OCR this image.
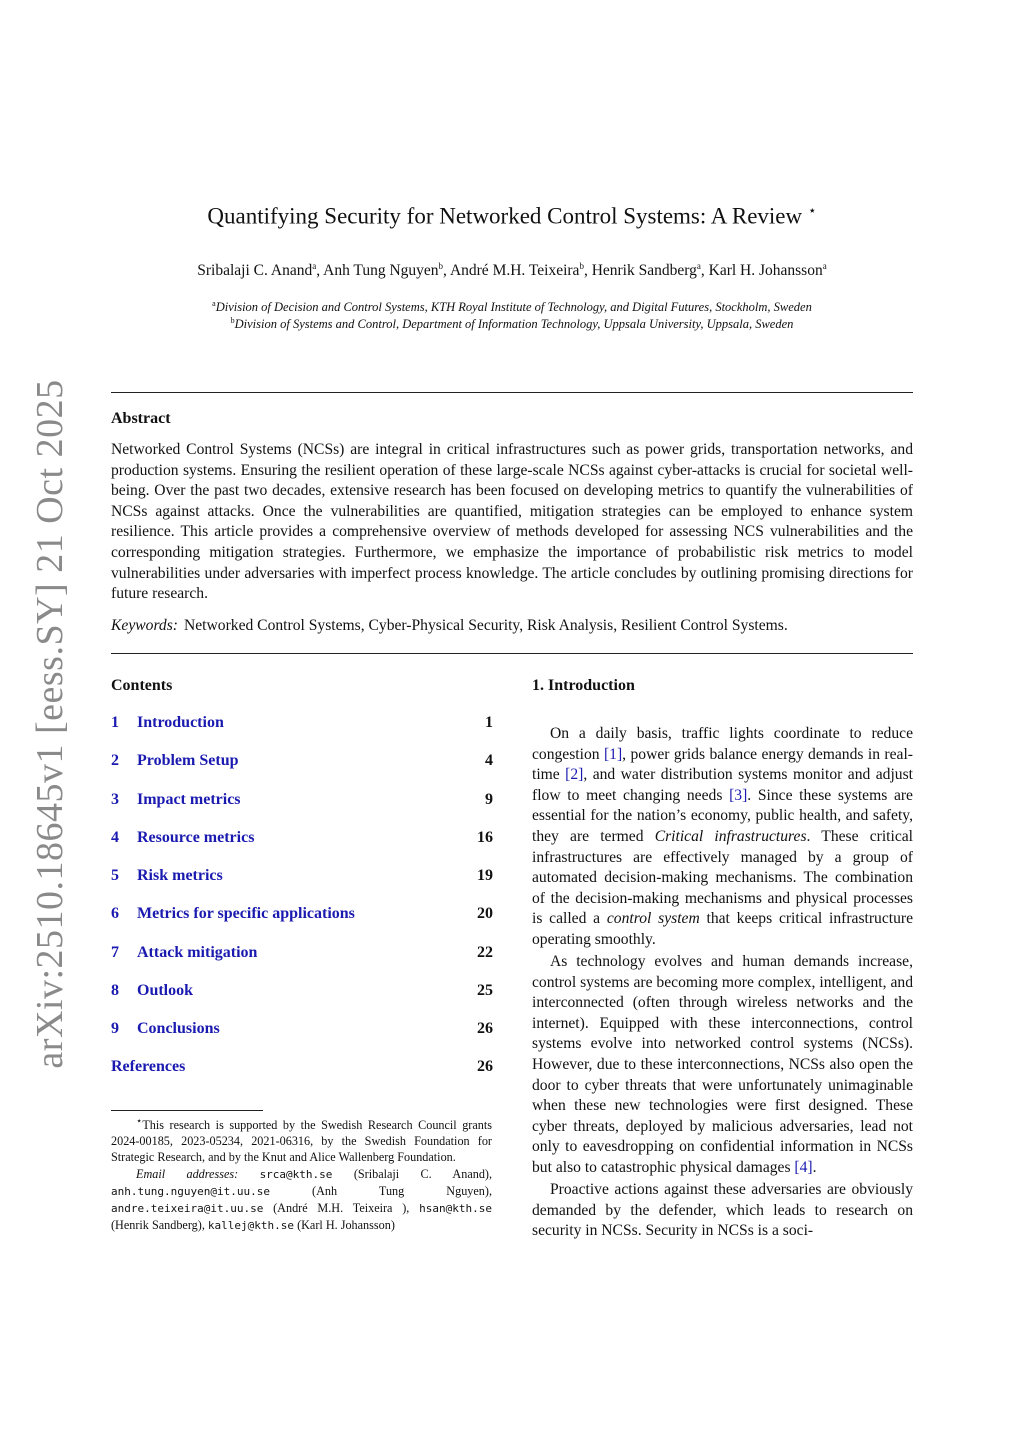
arXiv:2510.18645v1 [eess.SY] 21 Oct 2025
Quantifying Security for Networked Control Systems: A Review ⋆
Sribalaji C. Anand$^a$, Anh Tung Nguyen$^b$, André M.H. Teixeira$^b$, Henrik Sandberg$^a$, Karl H. Johansson$^a$
$^a$Division of Decision and Control Systems, KTH Royal Institute of Technology, and Digital Futures, Stockholm, Sweden
$^b$Division of Systems and Control, Department of Information Technology, Uppsala University, Uppsala, Sweden
Abstract
Networked Control Systems (NCSs) are integral in critical infrastructures such as power grids, transportation networks, and production systems. Ensuring the resilient operation of these large-scale NCSs against cyber-attacks is crucial for societal well-being. Over the past two decades, extensive research has been focused on developing metrics to quantify the vulnerabilities of NCSs against attacks. Once the vulnerabilities are quantified, mitigation strategies can be employed to enhance system resilience. This article provides a comprehensive overview of methods developed for assessing NCS vulnerabilities and the corresponding mitigation strategies. Furthermore, we emphasize the importance of probabilistic risk metrics to model vulnerabilities under adversaries with imperfect process knowledge. The article concludes by outlining promising directions for future research.
Keywords: Networked Control Systems, Cyber-Physical Security, Risk Analysis, Resilient Control Systems.
Contents
1 Introduction	1
2 Problem Setup	4
3 Impact metrics	9
4 Resource metrics	16
5 Risk metrics	19
6 Metrics for specific applications	20
7 Attack mitigation	22
8 Outlook	25
9 Conclusions	26
References	26

⋆This research is supported by the Swedish Research Council grants 2024-00185, 2023-05234, 2021-06316, by the Swedish Foundation for Strategic Research, and by the Knut and Alice Wallenberg Foundation.

Email addresses: srca@kth.se (Sribalaji C. Anand), anh.tung.nguyen@it.uu.se	(Anh Tung Nguyen), andre.teixeira@it.uu.se (André M.H. Teixeira ), hsan@kth.se (Henrik Sandberg), kallej@kth.se (Karl H. Johansson)

1. Introduction

On a daily basis, traffic lights coordinate to reduce congestion [1], power grids balance energy demands in real-time [2], and water distribution systems monitor and adjust flow to meet changing needs [3]. Since these systems are essential for the nation’s economy, public health, and safety, they are termed Critical infrastructures. These critical infrastructures are effectively managed by a group of automated decision-making mechanisms. The combination of the decision-making mechanisms and physical processes is called a control system that keeps critical infrastructure operating smoothly.

As technology evolves and human demands increase, control systems are becoming more complex, intelligent, and interconnected (often through wireless networks and the internet). Equipped with these interconnections, control systems evolve into networked control systems (NCSs). However, due to these interconnections, NCSs also open the door to cyber threats that were unfortunately unimaginable when these new technologies were first designed. These cyber threats, deployed by malicious adversaries, lead not only to eavesdropping on confidential information in NCSs but also to catastrophic physical damages [4].

Proactive actions against these adversaries are obviously demanded by the defender, which leads to research on security in NCSs. Security in NCSs is a soci-
